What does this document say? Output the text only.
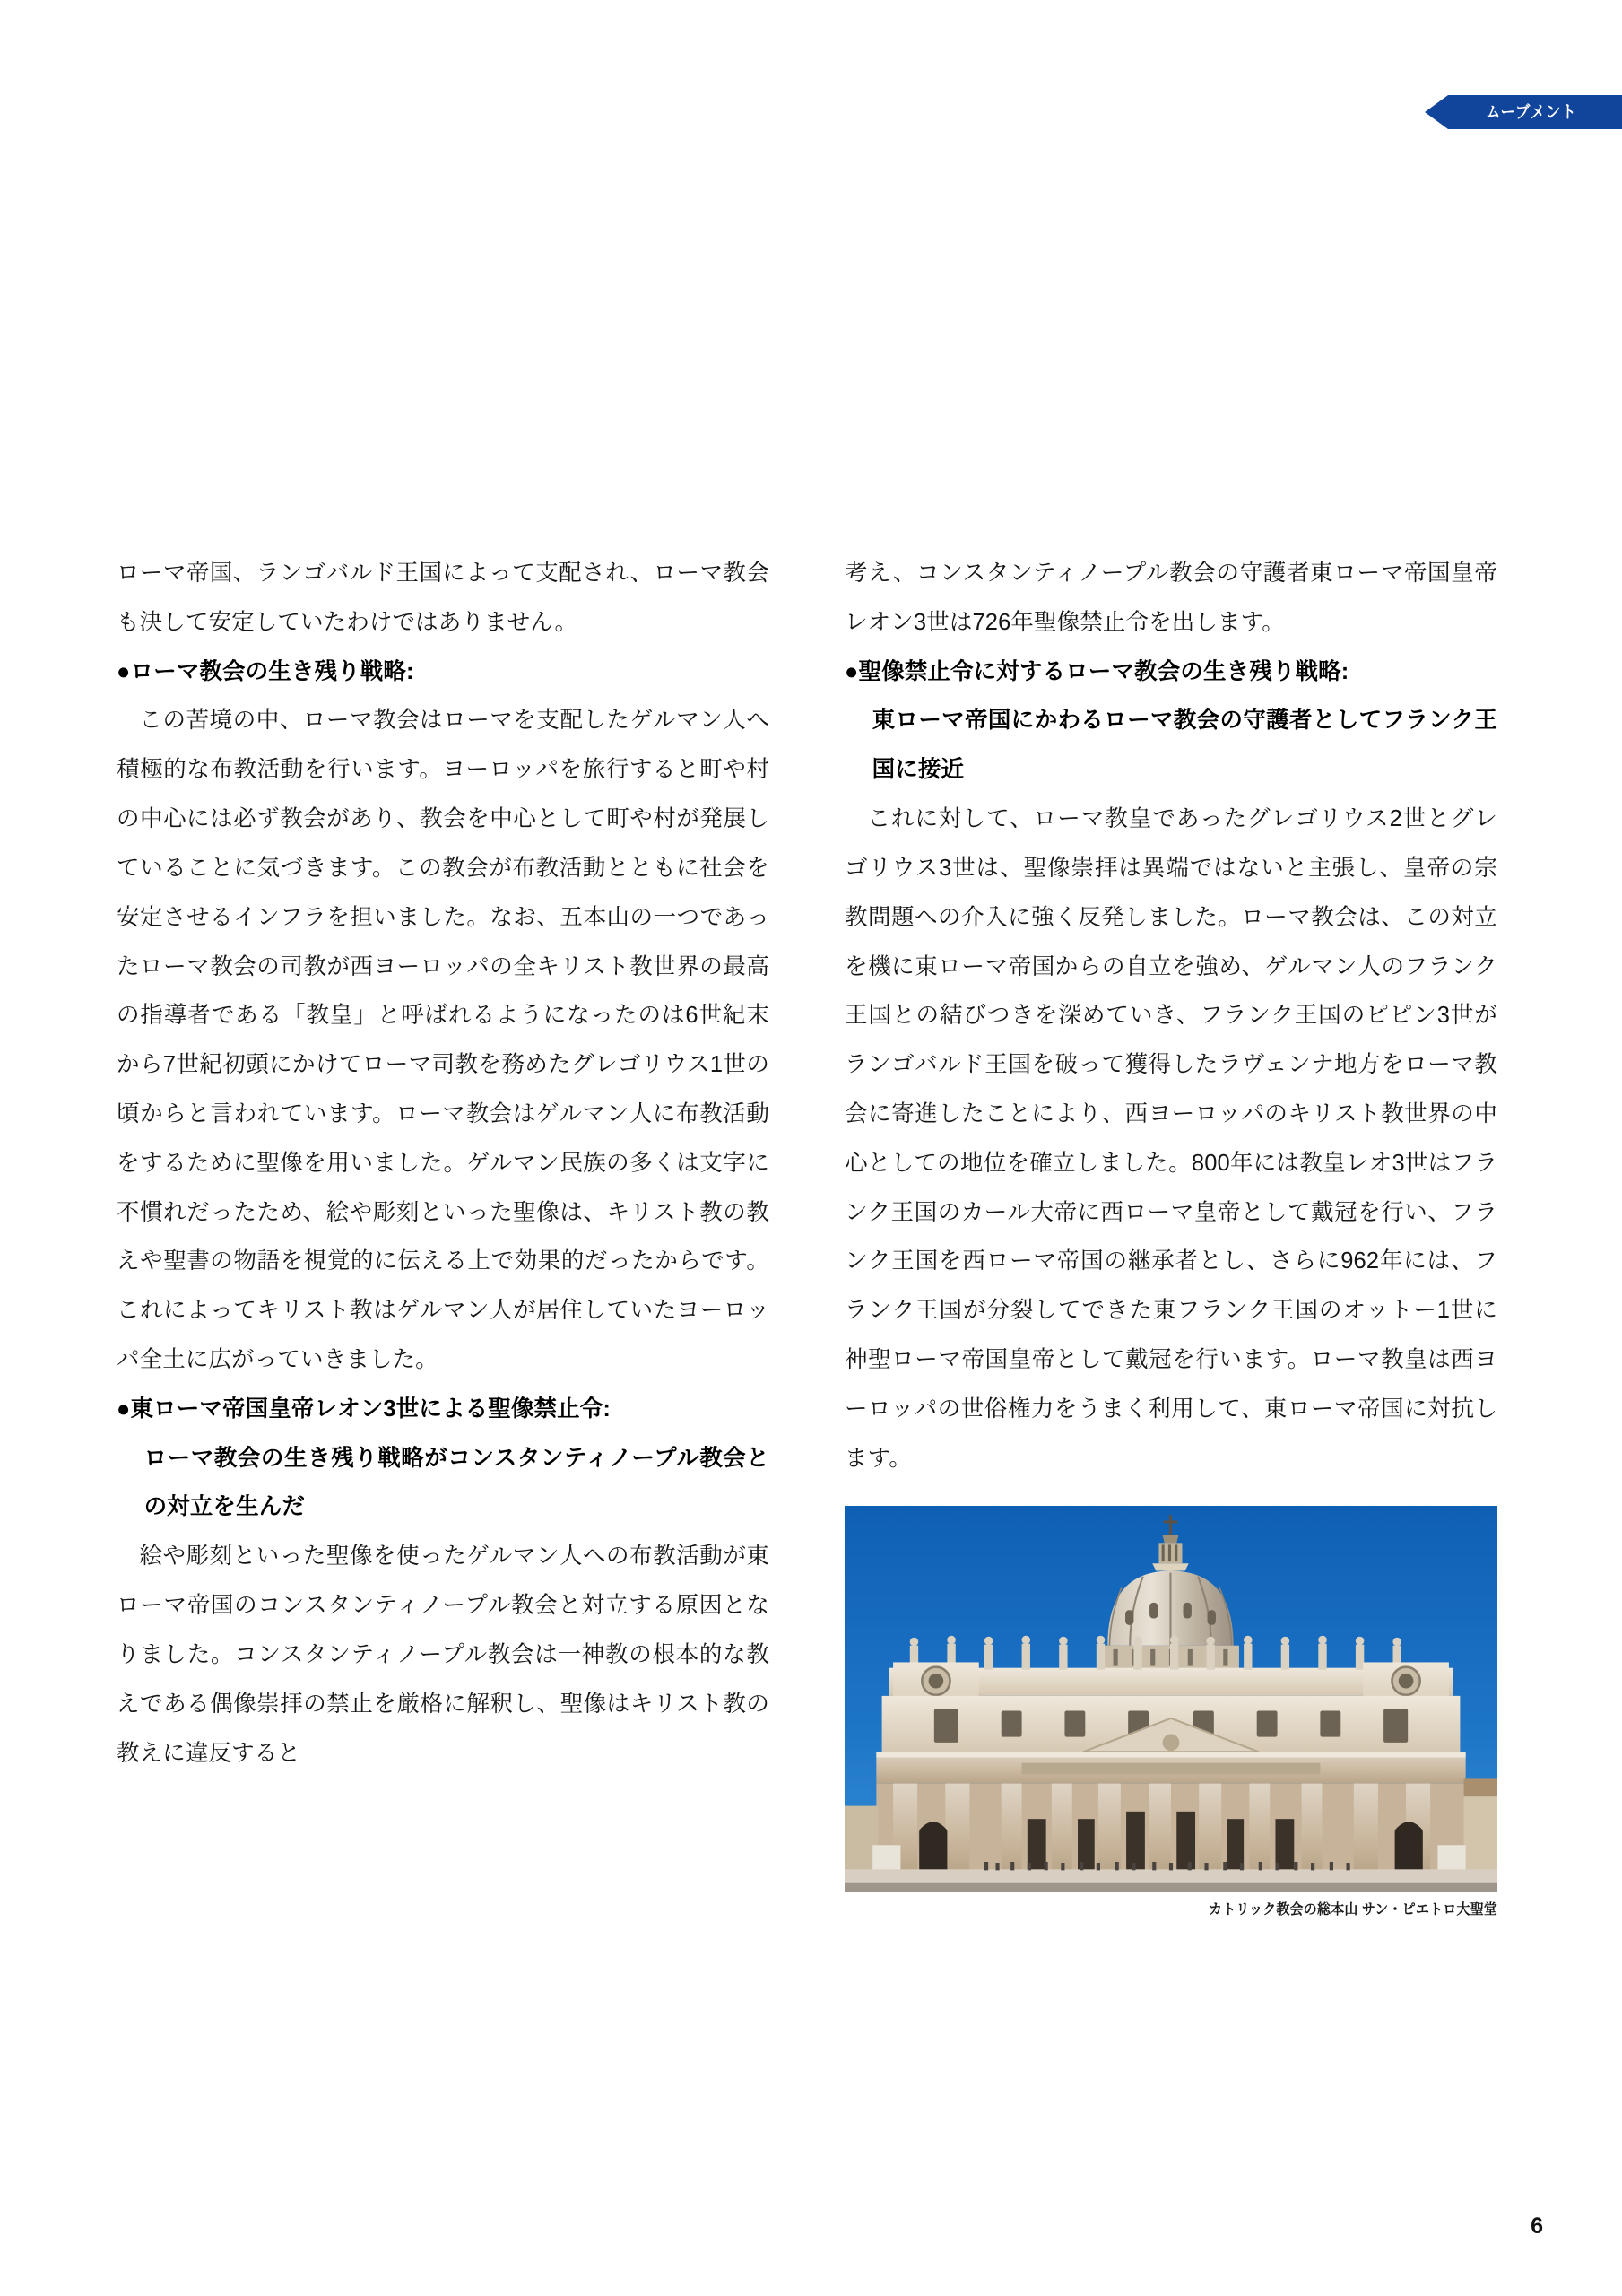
ムーブメント

ローマ帝国、ランゴバルド王国によって支配され、ローマ教会も決して安定していたわけではありません。

●ローマ教会の生き残り戦略:

この苦境の中、ローマ教会はローマを支配したゲルマン人へ積極的な布教活動を行います。ヨーロッパを旅行すると町や村の中心には必ず教会があり、教会を中心として町や村が発展していることに気づきます。この教会が布教活動とともに社会を安定させるインフラを担いました。なお、五本山の一つであったローマ教会の司教が西ヨーロッパの全キリスト教世界の最高の指導者である「教皇」と呼ばれるようになったのは6世紀末から7世紀初頭にかけてローマ司教を務めたグレゴリウス1世の頃からと言われています。ローマ教会はゲルマン人に布教活動をするために聖像を用いました。ゲルマン民族の多くは文字に不慣れだったため、絵や彫刻といった聖像は、キリスト教の教えや聖書の物語を視覚的に伝える上で効果的だったからです。これによってキリスト教はゲルマン人が居住していたヨーロッパ全土に広がっていきました。

●東ローマ帝国皇帝レオン3世による聖像禁止令:

ローマ教会の生き残り戦略がコンスタンティノープル教会との対立を生んだ

絵や彫刻といった聖像を使ったゲルマン人への布教活動が東ローマ帝国のコンスタンティノープル教会と対立する原因となりました。コンスタンティノープル教会は一神教の根本的な教えである偶像崇拝の禁止を厳格に解釈し、聖像はキリスト教の教えに違反すると

考え、コンスタンティノープル教会の守護者東ローマ帝国皇帝レオン3世は726年聖像禁止令を出します。

●聖像禁止令に対するローマ教会の生き残り戦略:

東ローマ帝国にかわるローマ教会の守護者としてフランク王国に接近

これに対して、ローマ教皇であったグレゴリウス2世とグレゴリウス3世は、聖像崇拝は異端ではないと主張し、皇帝の宗教問題への介入に強く反発しました。ローマ教会は、この対立を機に東ローマ帝国からの自立を強め、ゲルマン人のフランク王国との結びつきを深めていき、フランク王国のピピン3世がランゴバルド王国を破って獲得したラヴェンナ地方をローマ教会に寄進したことにより、西ヨーロッパのキリスト教世界の中心としての地位を確立しました。800年には教皇レオ3世はフランク王国のカール大帝に西ローマ皇帝として戴冠を行い、フランク王国を西ローマ帝国の継承者とし、さらに962年には、フランク王国が分裂してできた東フランク王国のオットー1世に神聖ローマ帝国皇帝として戴冠を行います。ローマ教皇は西ヨーロッパの世俗権力をうまく利用して、東ローマ帝国に対抗します。

カトリック教会の総本山 サン・ピエトロ大聖堂
6
